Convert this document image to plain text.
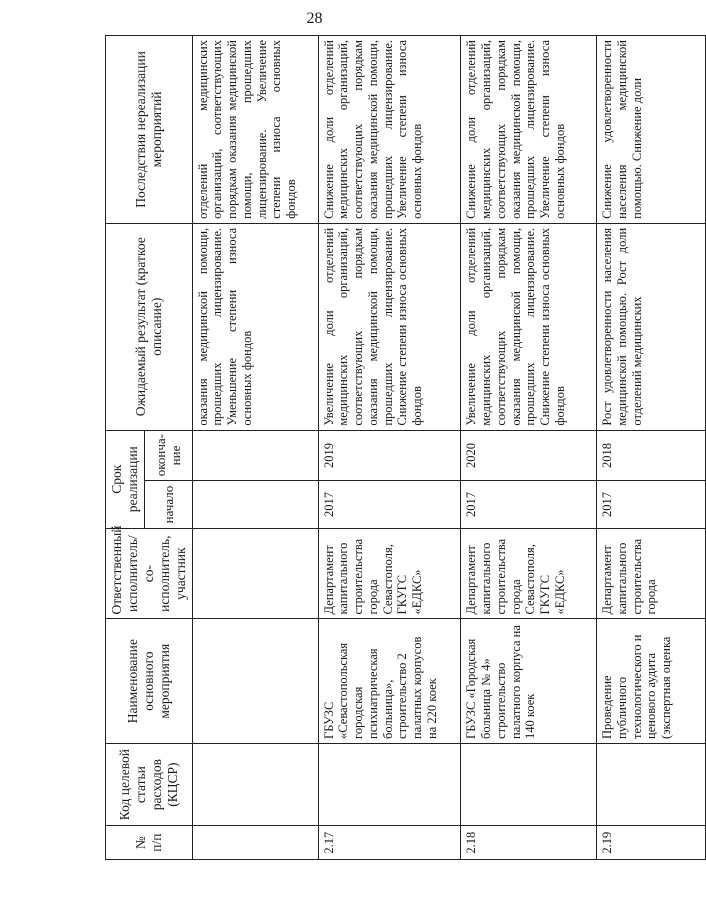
28
№ п/п	Код целевой статьи расходов (КЦСР)	Наименование основного мероприятия	Ответственный исполнитель/со-исполнитель, участник	Срок реализации		Ожидаемый результат (краткое описание)	Последствия нереализации мероприятий
				начало	оконча-ние		
						оказания медицинской помощи, прошедших лицензирование. Уменьшение степени износа основных фондов	отделений медицинских организаций, соответствующих порядкам оказания медицинской помощи, прошедших лицензирование. Увеличение степени износа основных фондов
2.17		ГБУЗС «Севастопольская городская психиатрическая больница», строительство 2 палатных корпусов на 220 коек	Департамент капитального строительства города Севастополя, ГКУГС «ЕДКС»	2017	2019	Увеличение доли отделений медицинских организаций, соответствующих порядкам оказания медицинской помощи, прошедших лицензирование. Снижение степени износа основных фондов	Снижение доли отделений медицинских организаций, соответствующих порядкам оказания медицинской помощи, прошедших лицензирование. Увеличение степени износа основных фондов
2.18		ГБУЗС «Городская больница № 4» строительство палатного корпуса на 140 коек	Департамент капитального строительства города Севастополя, ГКУГС «ЕДКС»	2017	2020	Увеличение доли отделений медицинских организаций, соответствующих порядкам оказания медицинской помощи, прошедших лицензирование. Снижение степени износа основных фондов	Снижение доли отделений медицинских организаций, соответствующих порядкам оказания медицинской помощи, прошедших лицензирование. Увеличение степени износа основных фондов
2.19		Проведение публичного технологического и ценового аудита (экспертная оценка	Департамент капитального строительства города	2017	2018	Рост удовлетворенности населения медицинской помощью. Рост доли отделений медицинских	Снижение удовлетворенности населения медицинской помощью. Снижение доли
